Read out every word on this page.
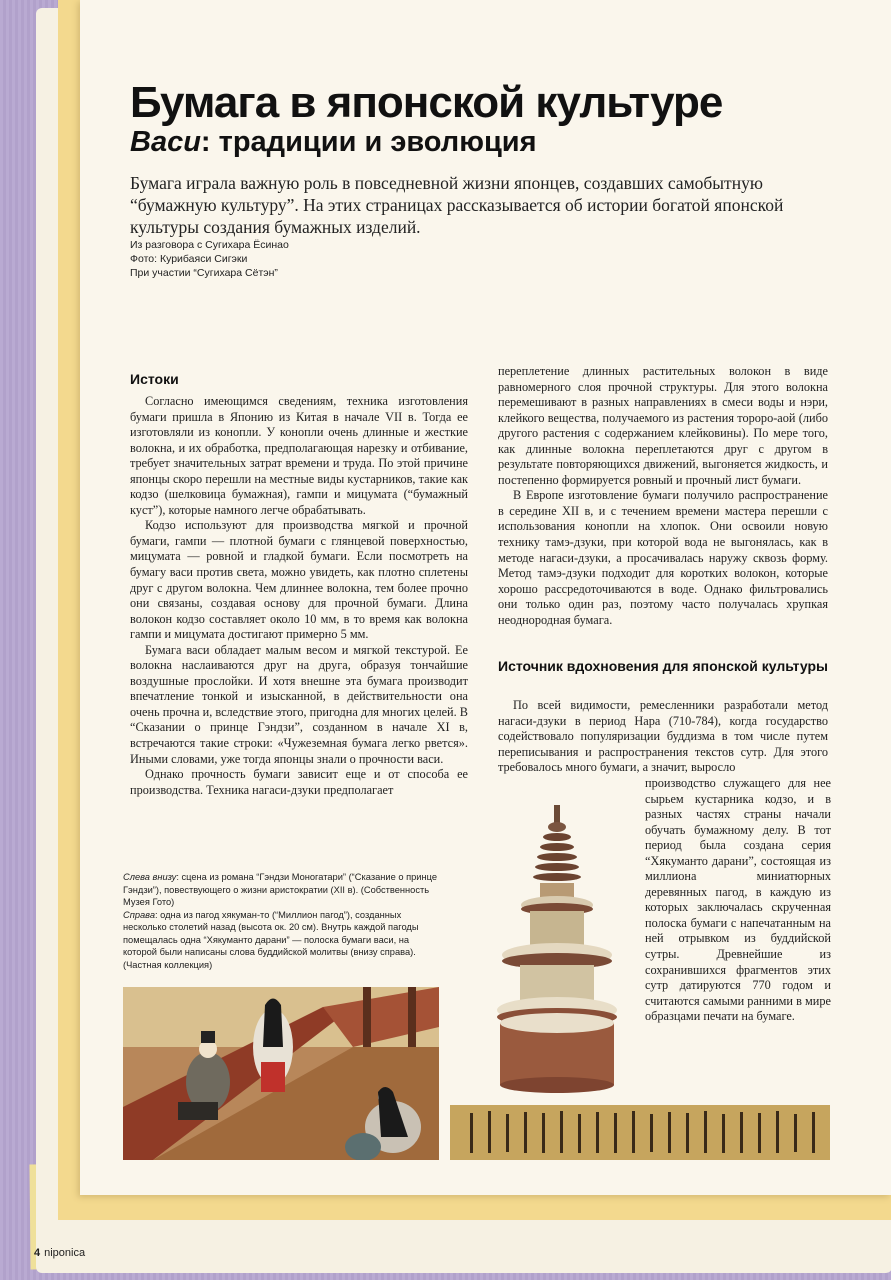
Бумага в японской культуре
Васи: традиции и эволюция
Бумага играла важную роль в повседневной жизни японцев, создавших самобытную “бумажную культуру”. На этих страницах рассказывается об истории богатой японской культуры создания бумажных изделий.
Из разговора с Сугихара Ёсинао
Фото: Курибаяси Сигэки
При участии “Сугихара Сётэн”
Истоки

Согласно имеющимся сведениям, техника изготовления бумаги пришла в Японию из Китая в начале VII в. Тогда ее изготовляли из конопли. У конопли очень длинные и жесткие волокна, и их обработка, предполагающая нарезку и отбивание, требует значительных затрат времени и труда. По этой причине японцы скоро перешли на местные виды кустарников, такие как кодзо (шелковица бумажная), гампи и мицумата (“бумажный куст”), которые намного легче обрабатывать.

Кодзо используют для производства мягкой и прочной бумаги, гампи — плотной бумаги с глянцевой поверхностью, мицумата — ровной и гладкой бумаги. Если посмотреть на бумагу васи против света, можно увидеть, как плотно сплетены друг с другом волокна. Чем длиннее волокна, тем более прочно они связаны, создавая основу для прочной бумаги. Длина волокон кодзо составляет около 10 мм, в то время как волокна гампи и мицумата достигают примерно 5 мм.

Бумага васи обладает малым весом и мягкой текстурой. Ее волокна наслаиваются друг на друга, образуя тончайшие воздушные прослойки. И хотя внешне эта бумага производит впечатление тонкой и изысканной, в действительности она очень прочна и, вследствие этого, пригодна для многих целей. В “Сказании о принце Гэндзи”, созданном в начале XI в, встречаются такие строки: «Чужеземная бумага легко рвется». Иными словами, уже тогда японцы знали о прочности васи.

Однако прочность бумаги зависит еще и от способа ее производства. Техника нагаси-дзуки предполагает

переплетение длинных растительных волокон в виде равномерного слоя прочной структуры. Для этого волокна перемешивают в разных направлениях в смеси воды и нэри, клейкого вещества, получаемого из растения тороро-аой (либо другого растения с содержанием клейковины). По мере того, как длинные волокна переплетаются друг с другом в результате повторяющихся движений, выгоняется жидкость, и постепенно формируется ровный и прочный лист бумаги.

В Европе изготовление бумаги получило распространение в середине XII в, и с течением времени мастера перешли с использования конопли на хлопок. Они освоили новую технику тамэ-дзуки, при которой вода не выгонялась, как в методе нагаси-дзуки, а просачивалась наружу сквозь форму. Метод тамэ-дзуки подходит для коротких волокон, которые хорошо рассредоточиваются в воде. Однако фильтровались они только один раз, поэтому часто получалась хрупкая неоднородная бумага.

Источник вдохновения для японской культуры

По всей видимости, ремесленники разработали метод нагаси-дзуки в период Нара (710-784), когда государство содействовало популяризации буддизма в том числе путем переписывания и распространения текстов сутр. Для этого требовалось много бумаги, а значит, выросло

производство служащего для нее сырьем кустарника кодзо, и в разных частях страны начали обучать бумажному делу. В тот период была создана серия “Хякуманто дарани”, состоящая из миллиона миниатюрных деревянных пагод, в каждую из которых заключалась скрученная полоска бумаги с напечатанным на ней отрывком из буддийской сутры. Древнейшие из сохранившихся фрагментов этих сутр датируются 770 годом и считаются самыми ранними в мире образцами печати на бумаге.

Слева внизу: сцена из романа “Гэндзи Моногатари” (“Сказание о принце Гэндзи”), повествующего о жизни аристократии (XII в). (Собственность Музея Гото)
Справа: одна из пагод хякуман-то (“Миллион пагод”), созданных несколько столетий назад (высота ок. 20 см). Внутрь каждой пагоды помещалась одна “Хякуманто дарани” — полоска бумаги васи, на которой были написаны слова буддийской молитвы (внизу справа). (Частная коллекция)
4 niponica
